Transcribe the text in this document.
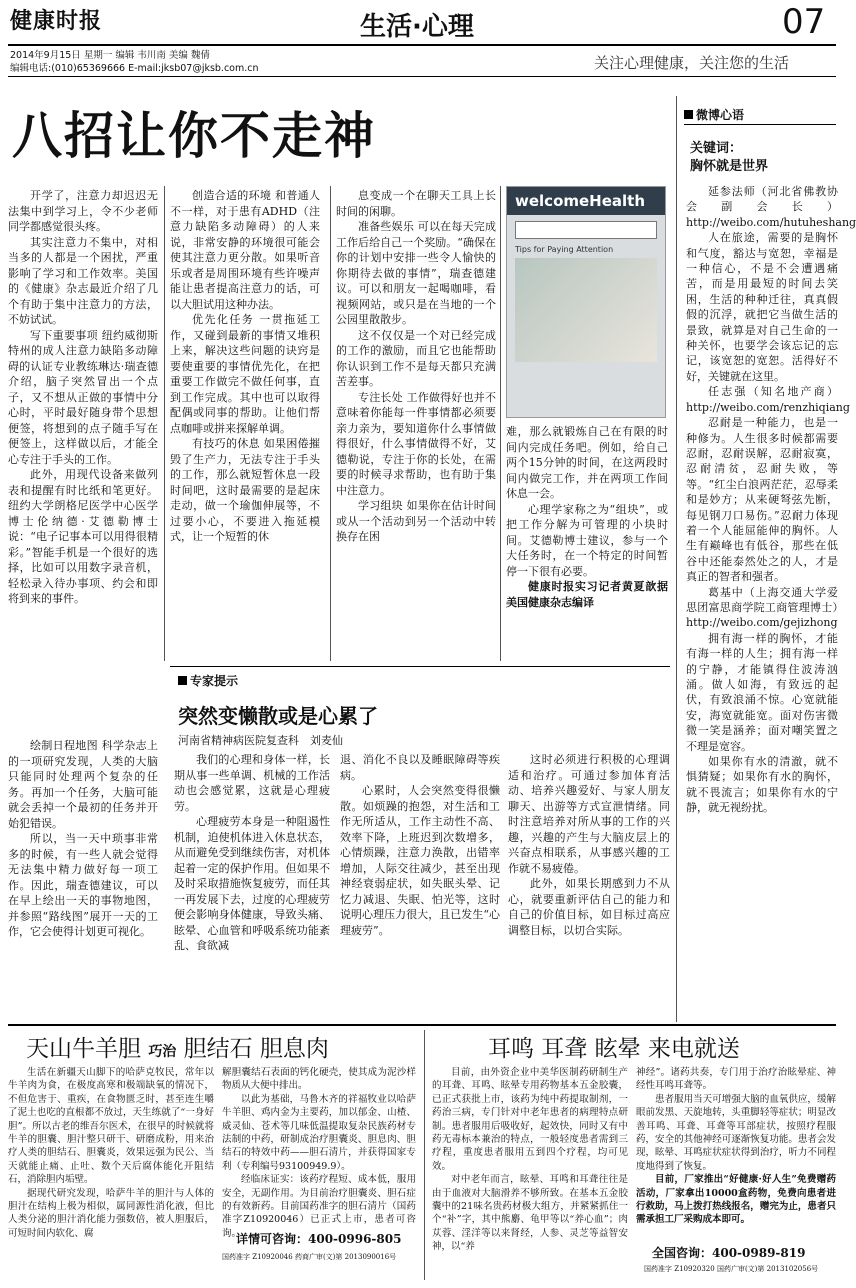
健康时报	生活·心理	07
2014年9月15日 星期一 编辑 韦川南 美编 魏倩
编辑电话:(010)65369666 E-mail:jksb07@jksb.com.cn	关注心理健康，关注您的生活
八招让你不走神

开学了，注意力却迟迟无法集中到学习上，令不少老师同学都感觉很头疼。

其实注意力不集中，对相当多的人都是一个困扰，严重影响了学习和工作效率。美国的《健康》杂志最近介绍了几个有助于集中注意力的方法，不妨试试。

写下重要事项 纽约威彻斯特州的成人注意力缺陷多动障碍的认证专业教练琳达·瑞查德介绍，脑子突然冒出一个点子，又不想从正做的事情中分心时，平时最好随身带个思想便签，将想到的点子随手写在便签上，这样做以后，才能全心专注于手头的工作。

此外，用现代设备来做列表和提醒有时比纸和笔更好。纽约大学朗格尼医学中心医学博士伦纳德·艾德勒博士说：“电子记事本可以用得很精彩。”智能手机是一个很好的选择，比如可以用数字录音机，轻松录入待办事项、约会和即将到来的事件。

绘制日程地图 科学杂志上的一项研究发现，人类的大脑只能同时处理两个复杂的任务。再加一个任务，大脑可能就会丢掉一个最初的任务并开始犯错误。

所以，当一天中琐事非常多的时候，有一些人就会觉得无法集中精力做好每一项工作。因此，瑞查德建议，可以在早上绘出一天的事物地图，并参照“路线图”展开一天的工作，它会使得计划更可视化。

创造合适的环境 和普通人不一样，对于患有ADHD（注意力缺陷多动障碍）的人来说，非常安静的环境很可能会使其注意力更分散。如果听音乐或者是周围环境有些许噪声能让患者提高注意力的话，可以大胆试用这种办法。

优先化任务 一贯拖延工作，又碰到最新的事情又堆积上来，解决这些问题的诀窍是要使重要的事情优先化，在把重要工作做完不做任何事，直到工作完成。其中也可以取得配偶或同事的帮助。让他们帮点咖啡或拼来探解单调。

有技巧的休息 如果困倦摧毁了生产力，无法专注于手头的工作，那么就短暂休息一段时间吧，这时最需要的是起床走动，做一个瑜伽伸展等，不过要小心，不要进入拖延模式，让一个短暂的休

息变成一个在聊天工具上长时间的闲聊。

准备些娱乐 可以在每天完成工作后给自己一个奖励。“确保在你的计划中安排一些令人愉快的你期待去做的事情”，瑞查德建议。可以和朋友一起喝咖啡，看视频网站，或只是在当地的一个公园里散散步。

这不仅仅是一个对已经完成的工作的激励，而且它也能帮助你认识到工作不是每天都只充满苦差事。

专注长处 工作做得好也并不意味着你能每一件事情都必须要亲力亲为，要知道你什么事情做得很好，什么事情做得不好，艾德勒说，专注于你的长处，在需要的时候寻求帮助，也有助于集中注意力。

学习组块 如果你在估计时间或从一个活动到另一个活动中转换存在困

welcomeHealth
Tips for Paying Attention

难，那么就锻炼自己在有限的时间内完成任务吧。例如，给自己两个15分钟的时间，在这两段时间内做完工作，并在两项工作间休息一会。

心理学家称之为“组块”，或把工作分解为可管理的小块时间。艾德勒博士建议，参与一个大任务时，在一个特定的时间暂停一下很有必要。

健康时报实习记者黄夏歆据美国健康杂志编译

微博心语
关键词：
胸怀就是世界

延参法师（河北省佛教协会副会长）http://weibo.com/hutuheshang

人在旅途，需要的是胸怀和气度，豁达与宽恕，幸福是一种信心，不是不会遭遇痛苦，而是用最短的时间去笑困，生活的种种迁往，真真假假的沉浮，就把它当做生活的景致，就算是对自己生命的一种关怀，也要学会该忘记的忘记，该宽恕的宽恕。活得好不好，关键就在这里。

任志强（知名地产商）http://weibo.com/renzhiqiang

忍耐是一种能力，也是一种修为。人生很多时候都需要忍耐，忍耐误解，忍耐寂寞，忍耐清贫，忍耐失败，等等。“红尘白浪两茫茫，忍辱柔和是妙方；从来硬弩弦先断，每见钢刀口易伤。”忍耐力体现着一个人能屈能伸的胸怀。人生有巅峰也有低谷，那些在低谷中还能泰然处之的人，才是真正的智者和强者。

葛基中（上海交通大学爱思团富思商学院工商管理博士）http://weibo.com/gejizhong

拥有海一样的胸怀，才能有海一样的人生；拥有海一样的宁静，才能镇得住波涛汹涌。做人如海，有致远的起伏，有致浪涌不惊。心宽就能安，海宽就能宽。面对伤害微微一笑是涵养；面对嘲笑置之不理是宽容。

如果你有水的清澈，就不惧猜疑；如果你有水的胸怀，就不畏流言；如果你有水的宁静，就无视纷扰。

专家提示
突然变懒散或是心累了
河南省精神病医院复查科　刘麦仙

我们的心理和身体一样，长期从事一些单调、机械的工作活动也会感觉累，这就是心理疲劳。

心理疲劳本身是一种阻遏性机制，迫使机体进入休息状态，从而避免受到继续伤害，对机体起着一定的保护作用。但如果不及时采取措施恢复疲劳，而任其一再发展下去，过度的心理疲劳便会影响身体健康，导致头痛、眩晕、心血管和呼吸系统功能紊乱、食欲减

退、消化不良以及睡眠障碍等疾病。

心累时，人会突然变得很懒散。如烦躁的抱怨，对生活和工作无所适从，工作主动性不高、效率下降，上班迟到次数增多，心情烦躁，注意力涣散，出错率增加，人际交往减少，甚至出现神经衰弱症状，如失眠头晕、记忆力减退、失眠、怕光等，这时说明心理压力很大，且已发生“心理疲劳”。

这时必须进行积极的心理调适和治疗。可通过参加体育活动、培养兴趣爱好、与家人朋友聊天、出游等方式宣泄情绪。同时注意培养对所从事的工作的兴趣，兴趣的产生与大脑皮层上的兴奋点相联系，从事感兴趣的工作就不易疲倦。

此外，如果长期感到力不从心，就要重新评估自己的能力和自己的价值目标，如目标过高应调整目标，以切合实际。

天山牛羊胆 巧治 胆结石 胆息肉

生活在新疆天山脚下的哈萨克牧民，常年以牛羊肉为食，在极度高寒和极端缺氧的情况下，不但危害于、重疾，在食物匮乏时，甚至连生嚼了泥土也吃的直根都不放过，天生练就了“一身好胆”。所以古老的维吾尔医术，在很早的时候就将牛羊的胆囊、胆汁整只研干、研磨成粉，用来治疗人类的胆结石、胆囊炎，效果远强为民公、当天就能止痛、止吐、数个天后腐体能化开阻结石，消除胆内垢壁。

据现代研究发现，哈萨牛羊的胆汁与人体的胆汁在结构上极为相似，属同源性消化液，但比人类分泌的胆汁消化能力强数倍，被人胆服后，可短时间内软化、腐

解胆囊结石表面的钙化硬壳，使其成为泥沙样物质从大便中排出。

以此为基础，马鲁木齐的祥福牧业以哈萨牛羊胆、鸡内金为主要药，加以郁金、山楂、威灵仙、苍术等几味低温提取复杂民族药材专法制的中药，研制成治疗胆囊炎、胆息肉、胆结石的特效中药——胆石清片，并获得国家专利（专利编号93100949.9）。

经临床证实：该药疗程短、成本低，服用安全，无副作用。为目前治疗胆囊炎、胆石症的有效新药。目前国药准字的胆石清片（国药准字Z10920046）已正式上市，患者可咨询。

详情可咨询：400-0996-805
国药准字 Z10920046 药商广审(文)第 2013090016号
耳鸣 耳聋 眩晕 来电就送

目前，由外资企业中美华医制药研制生产的耳聋、耳鸣、眩晕专用药物基本五金胶囊，已正式获批上市，该药为纯中药提取制剂，一药治三病，专门针对中老年患者的病理特点研制。患者服用后吸收好，起效快，同时又有中药无毒标本兼治的特点，一般轻度患者需到三疗程，重度患者服用五到四个疗程，均可见效。

对中老年而言，眩晕、耳鸣和耳聋往往是由于血液对大脑滑养不够所致。在基本五金胶囊中的21味名贵药材极大组方，并紧紧抓住一个“补”字，其中熊麝、龟甲等以“养心血”；肉苁蓉、淫洋等以来肾经，人参、灵芝等益智安神，以“养

神经”。诸药共奏，专门用于治疗治眩晕症、神经性耳鸣耳聋等。

患者服用当天可增强大脑的血氧供应，缓解眼前发黑、天旋地转，头重脚轻等症状；明显改善耳鸣、耳聋、耳聋等耳部症状，按照疗程服药，安全的其他神经可逐渐恢复功能。患者会发现，眩晕、耳鸣症状症状得到治疗，听力不同程度地得到了恢复。

目前，厂家推出“好健康·好人生”免费赠药活动，厂家拿出10000盒药物，免费向患者进行救助，马上拨打热线报名，赠完为止，患者只需承担工厂采购成本即可。

全国咨询：400-0989-819
国药准字 Z10920320 国药广审(文)第 2013102056号
